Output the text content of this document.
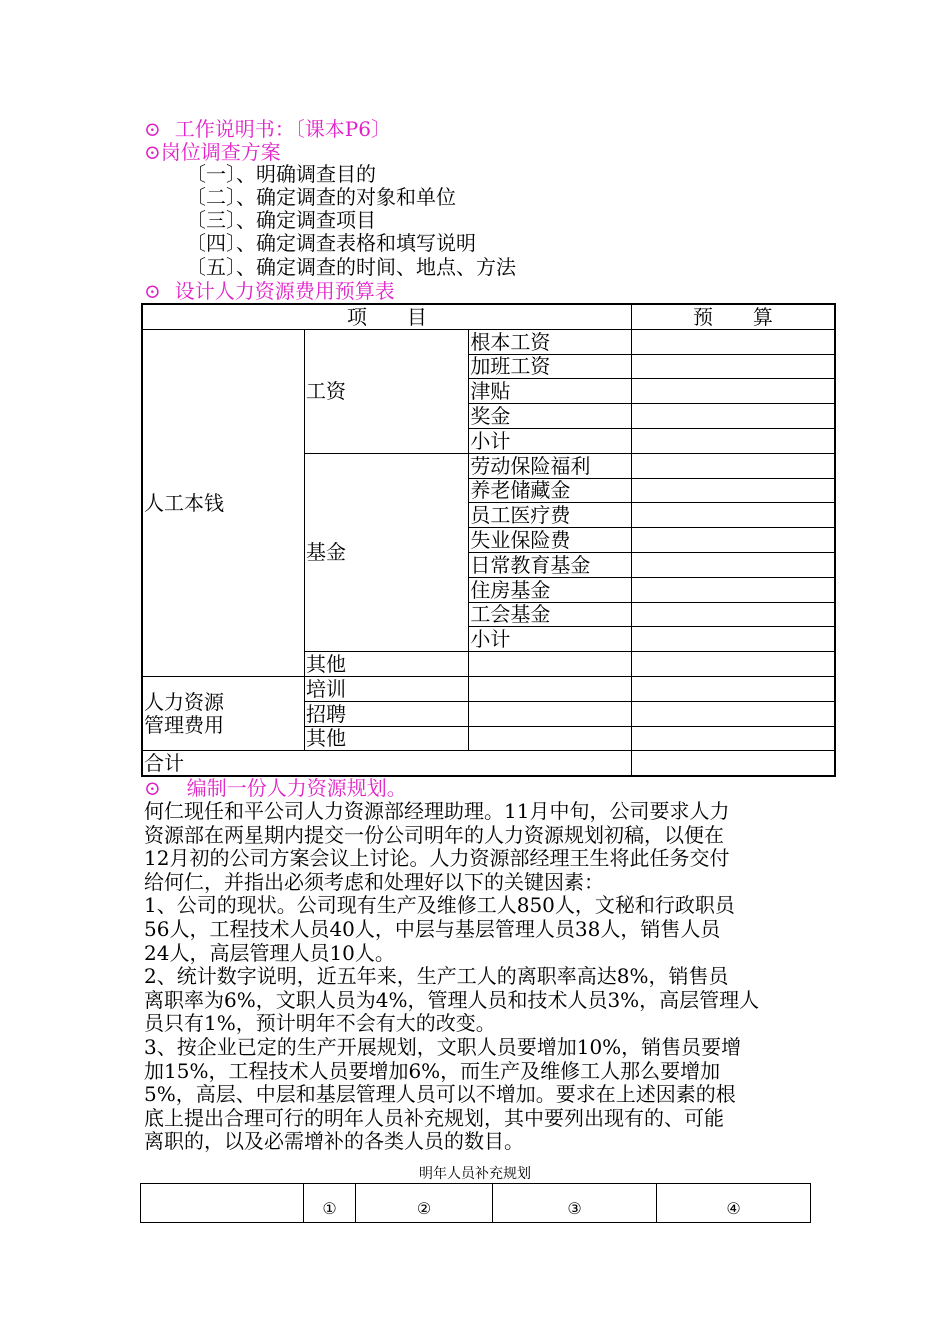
⊙ 工作说明书：〔课本P6〕
⊙岗位调查方案
〔一〕、明确调查目的
〔二〕、确定调查的对象和单位
〔三〕、确定调查项目
〔四〕、确定调查表格和填写说明
〔五〕、确定调查的时间、地点、方法
⊙ 设计人力资源费用预算表
项　　目			预　　算
人工本钱	工资	根本工资	
		加班工资	
		津贴	
		奖金	
		小计	
	基金	劳动保险福利	
		养老储藏金	
		员工医疗费	
		失业保险费	
		日常教育基金	
		住房基金	
		工会基金	
		小计	
	其他		

人力资源
管理费用	培训		
	招聘		
	其他		
合计			
⊙ 编制一份人力资源规划。
何仁现任和平公司人力资源部经理助理。11月中旬，公司要求人力
资源部在两星期内提交一份公司明年的人力资源规划初稿，以便在
12月初的公司方案会议上讨论。人力资源部经理王生将此任务交付
给何仁，并指出必须考虑和处理好以下的关键因素：
1、公司的现状。公司现有生产及维修工人850人，文秘和行政职员
56人，工程技术人员40人，中层与基层管理人员38人，销售人员
24人，高层管理人员10人。
2、统计数字说明，近五年来，生产工人的离职率高达8%，销售员
离职率为6%，文职人员为4%，管理人员和技术人员3%，高层管理人
员只有1%，预计明年不会有大的改变。
3、按企业已定的生产开展规划，文职人员要增加10%，销售员要增
加15%，工程技术人员要增加6%，而生产及维修工人那么要增加
5%，高层、中层和基层管理人员可以不增加。要求在上述因素的根
底上提出合理可行的明年人员补充规划，其中要列出现有的、可能
离职的，以及必需增补的各类人员的数目。
明年人员补充规划
	①	②	③	④
